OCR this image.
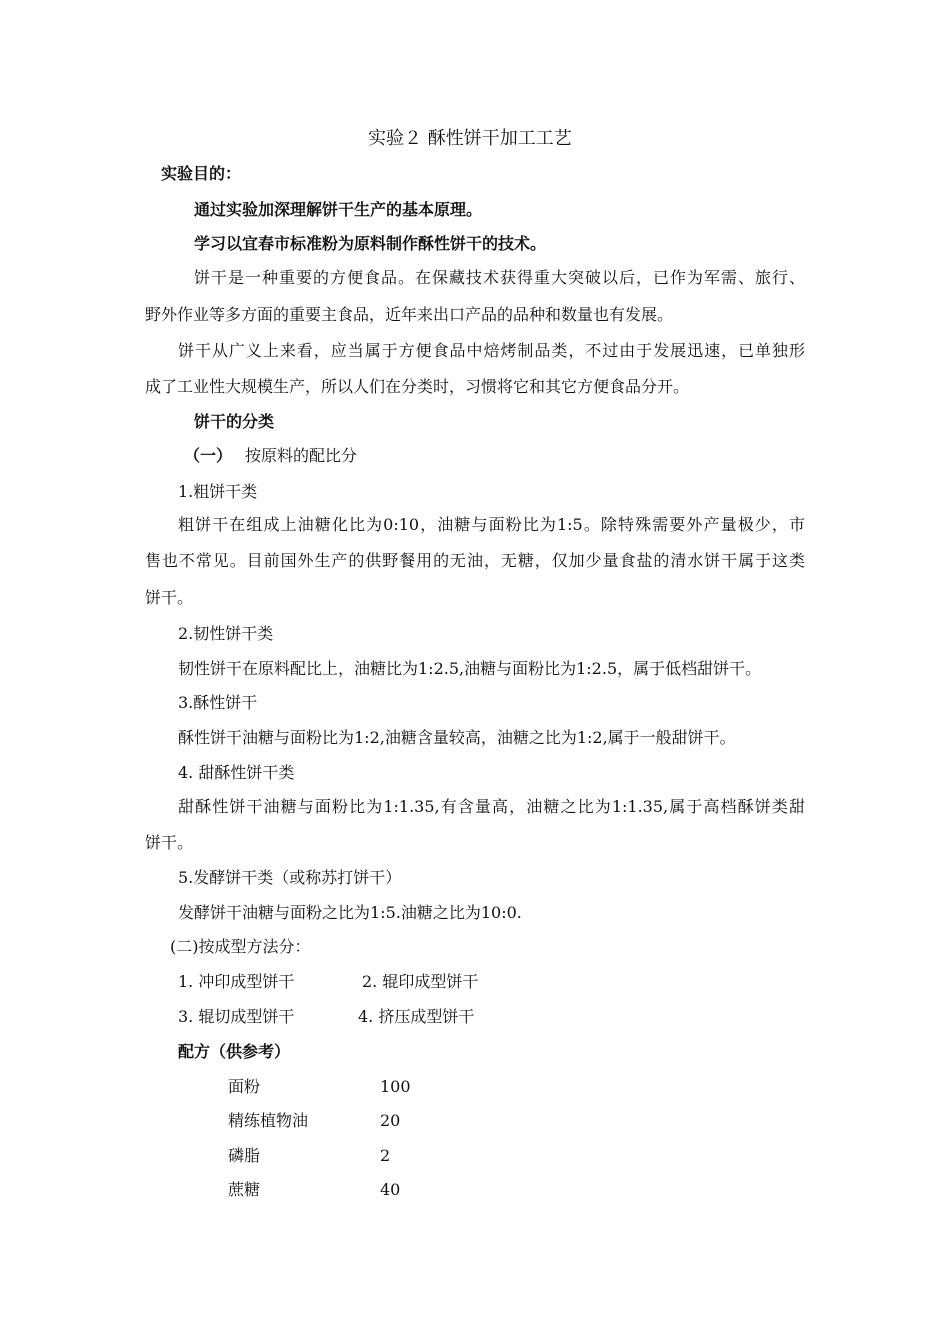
实验２ 酥性饼干加工工艺
实验目的：
通过实验加深理解饼干生产的基本原理。
学习以宜春市标准粉为原料制作酥性饼干的技术。
饼干是一种重要的方便食品。在保藏技术获得重大突破以后，已作为军需、旅行、
野外作业等多方面的重要主食品，近年来出口产品的品种和数量也有发展。
饼干从广义上来看，应当属于方便食品中焙烤制品类，不过由于发展迅速，已单独形
成了工业性大规模生产，所以人们在分类时，习惯将它和其它方便食品分开。
饼干的分类
（一） 按原料的配比分
1.粗饼干类
粗饼干在组成上油糖化比为0:10，油糖与面粉比为1:5。除特殊需要外产量极少，市
售也不常见。目前国外生产的供野餐用的无油，无糖，仅加少量食盐的清水饼干属于这类
饼干。
2.韧性饼干类
韧性饼干在原料配比上，油糖比为1:2.5,油糖与面粉比为1:2.5，属于低档甜饼干。
3.酥性饼干
酥性饼干油糖与面粉比为1:2,油糖含量较高，油糖之比为1:2,属于一般甜饼干。
4. 甜酥性饼干类
甜酥性饼干油糖与面粉比为1:1.35,有含量高，油糖之比为1:1.35,属于高档酥饼类甜
饼干。
5.发酵饼干类（或称苏打饼干）
发酵饼干油糖与面粉之比为1:5.油糖之比为10:0.
(二)按成型方法分：
1. 冲印成型饼干	2. 辊印成型饼干
3. 辊切成型饼干	4. 挤压成型饼干
配方（供参考）
面粉	100
精练植物油	20
磷脂	2
蔗糖	40
